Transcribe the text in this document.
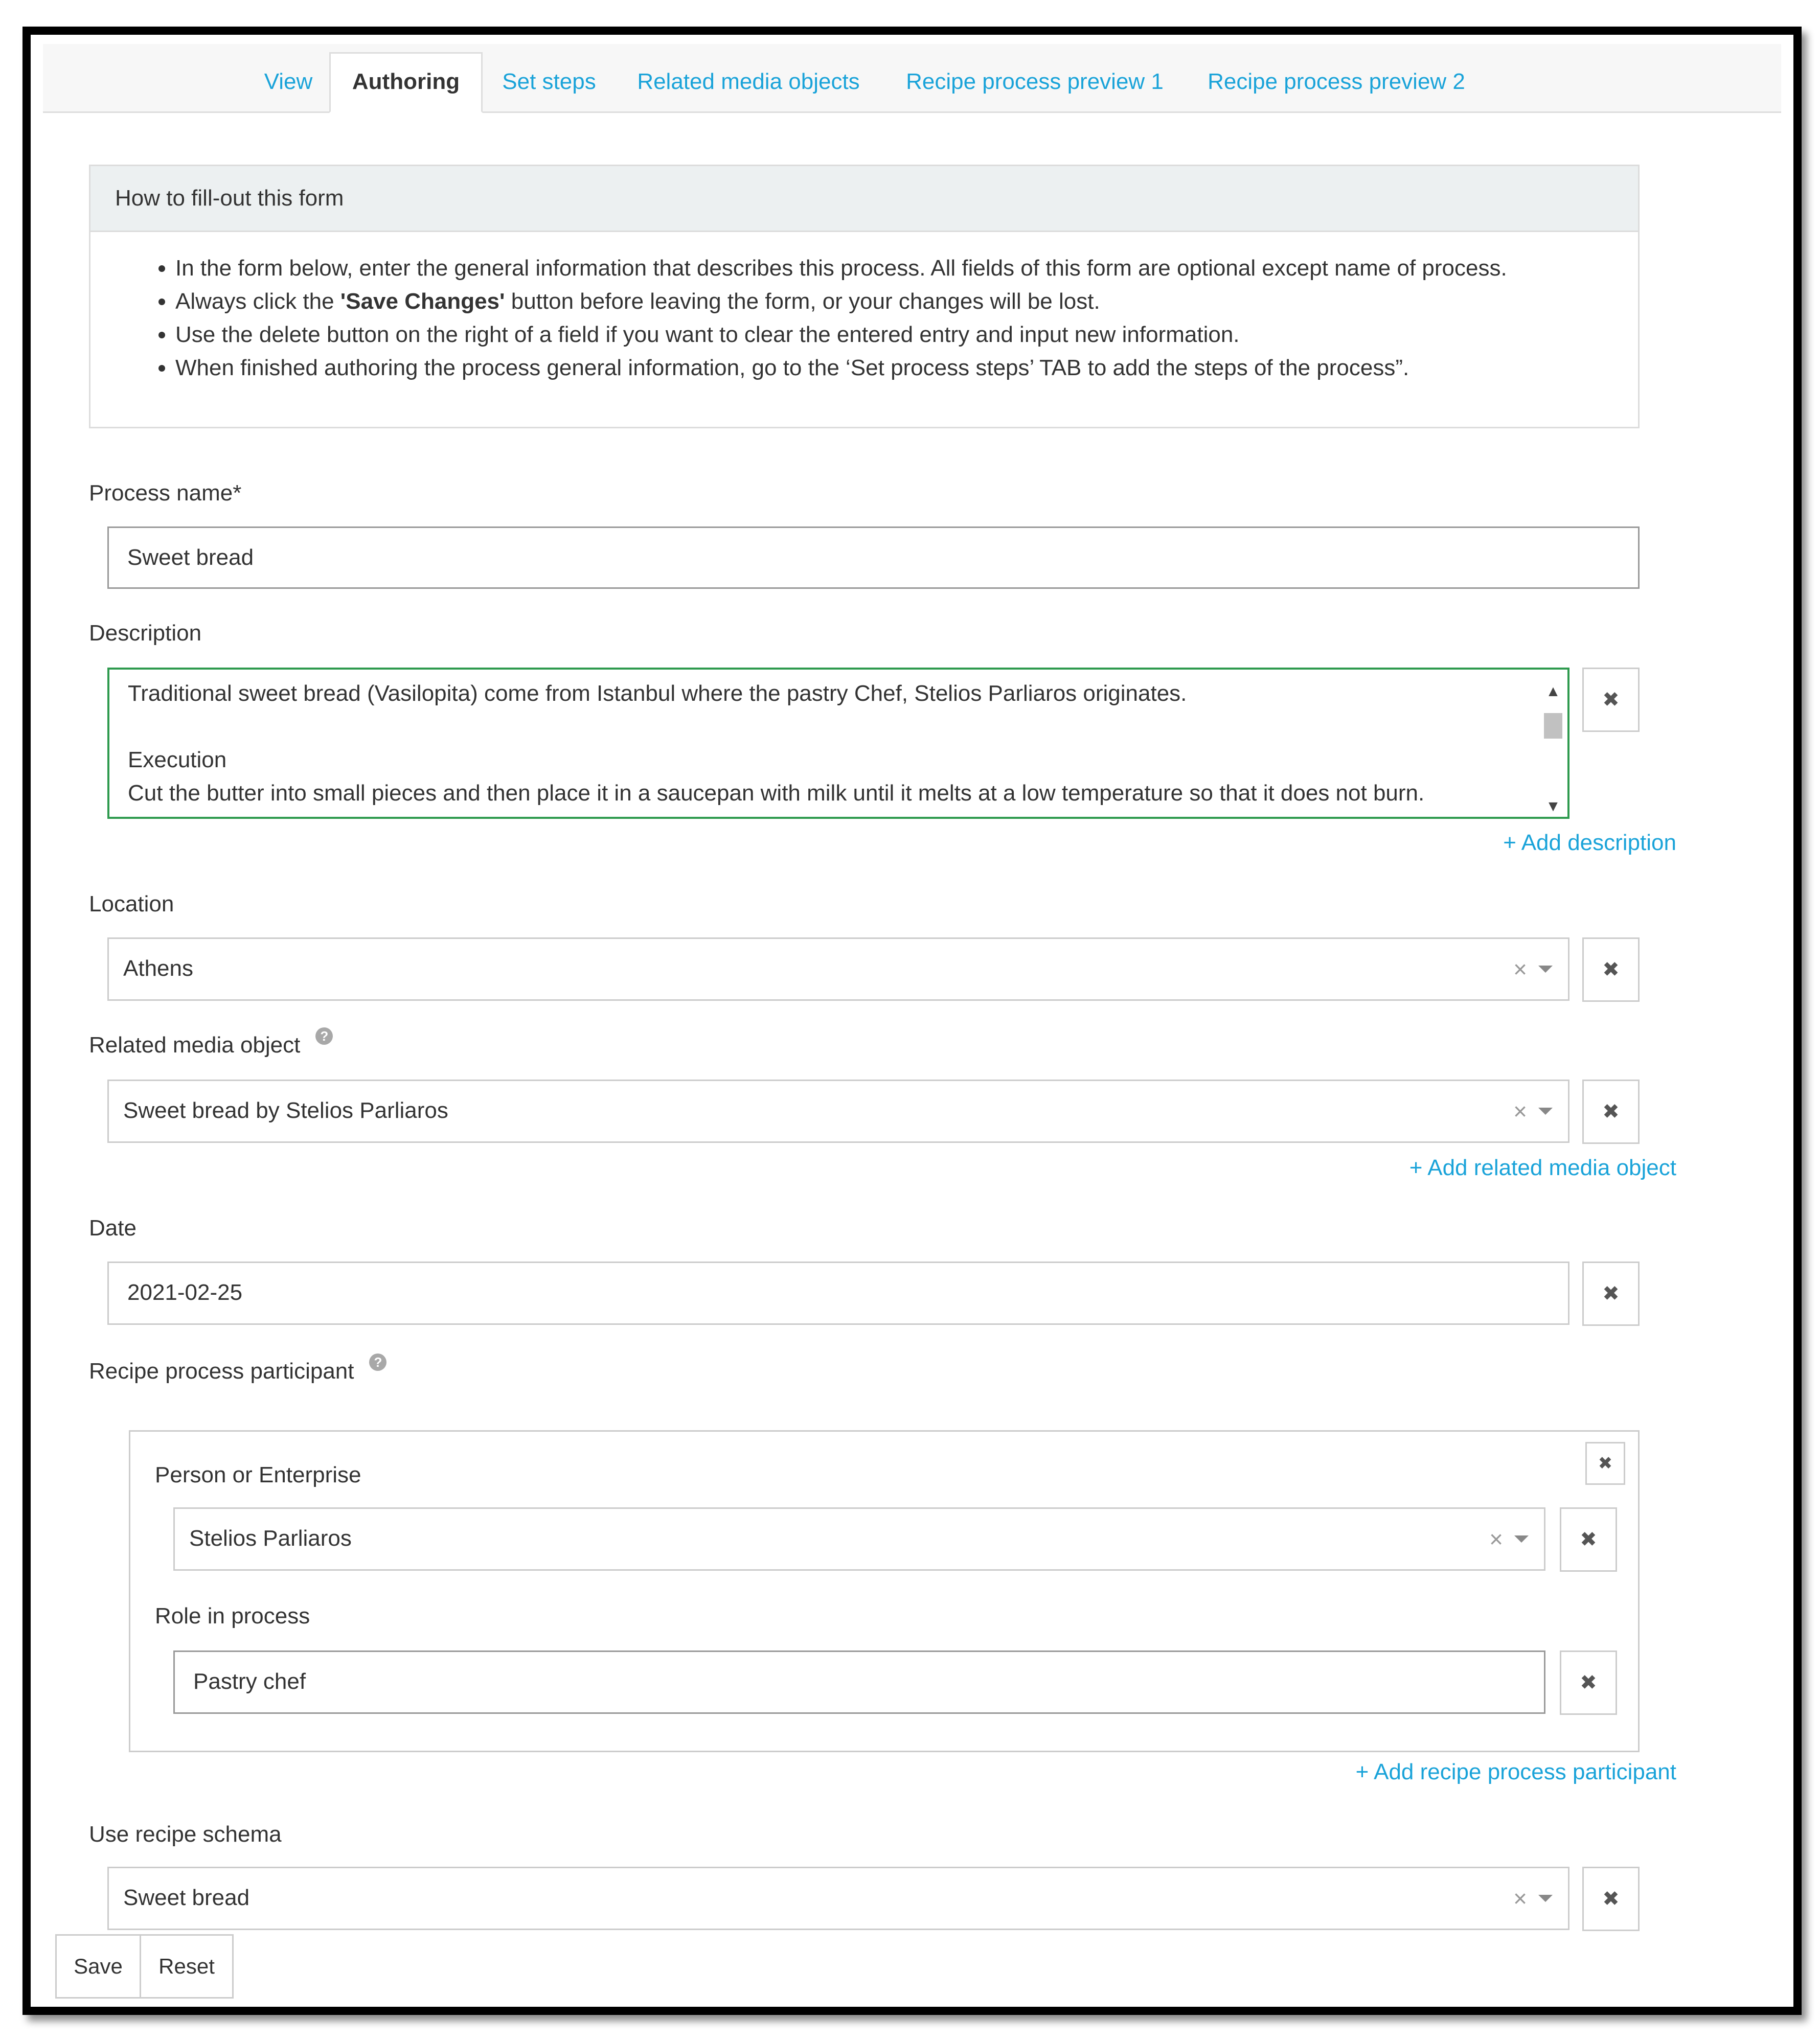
View	Authoring	Set steps	Related media objects	Recipe process preview 1	Recipe process preview 2
How to fill-out this form
• In the form below, enter the general information that describes this process. All fields of this form are optional except name of process.
• Always click the 'Save Changes' button before leaving the form, or your changes will be lost.
• Use the delete button on the right of a field if you want to clear the entered entry and input new information.
• When finished authoring the process general information, go to the ‘Set process steps’ TAB to add the steps of the process”.
Process name*
Sweet bread
Description
Traditional sweet bread (Vasilopita) come from Istanbul where the pastry Chef, Stelios Parliaros originates.
Execution
Cut the butter into small pieces and then place it in a saucepan with milk until it melts at a low temperature so that it does not burn.
▲
▼
✖
+ Add description
Location
Athens	×	✖
Related media object ?
Sweet bread by Stelios Parliaros	×	✖
+ Add related media object
Date
2021-02-25	✖
Recipe process participant ?
✖
Person or Enterprise
Stelios Parliaros	×	✖
Role in process
Pastry chef	✖
+ Add recipe process participant
Use recipe schema
Sweet bread	×	✖
Save	Reset
